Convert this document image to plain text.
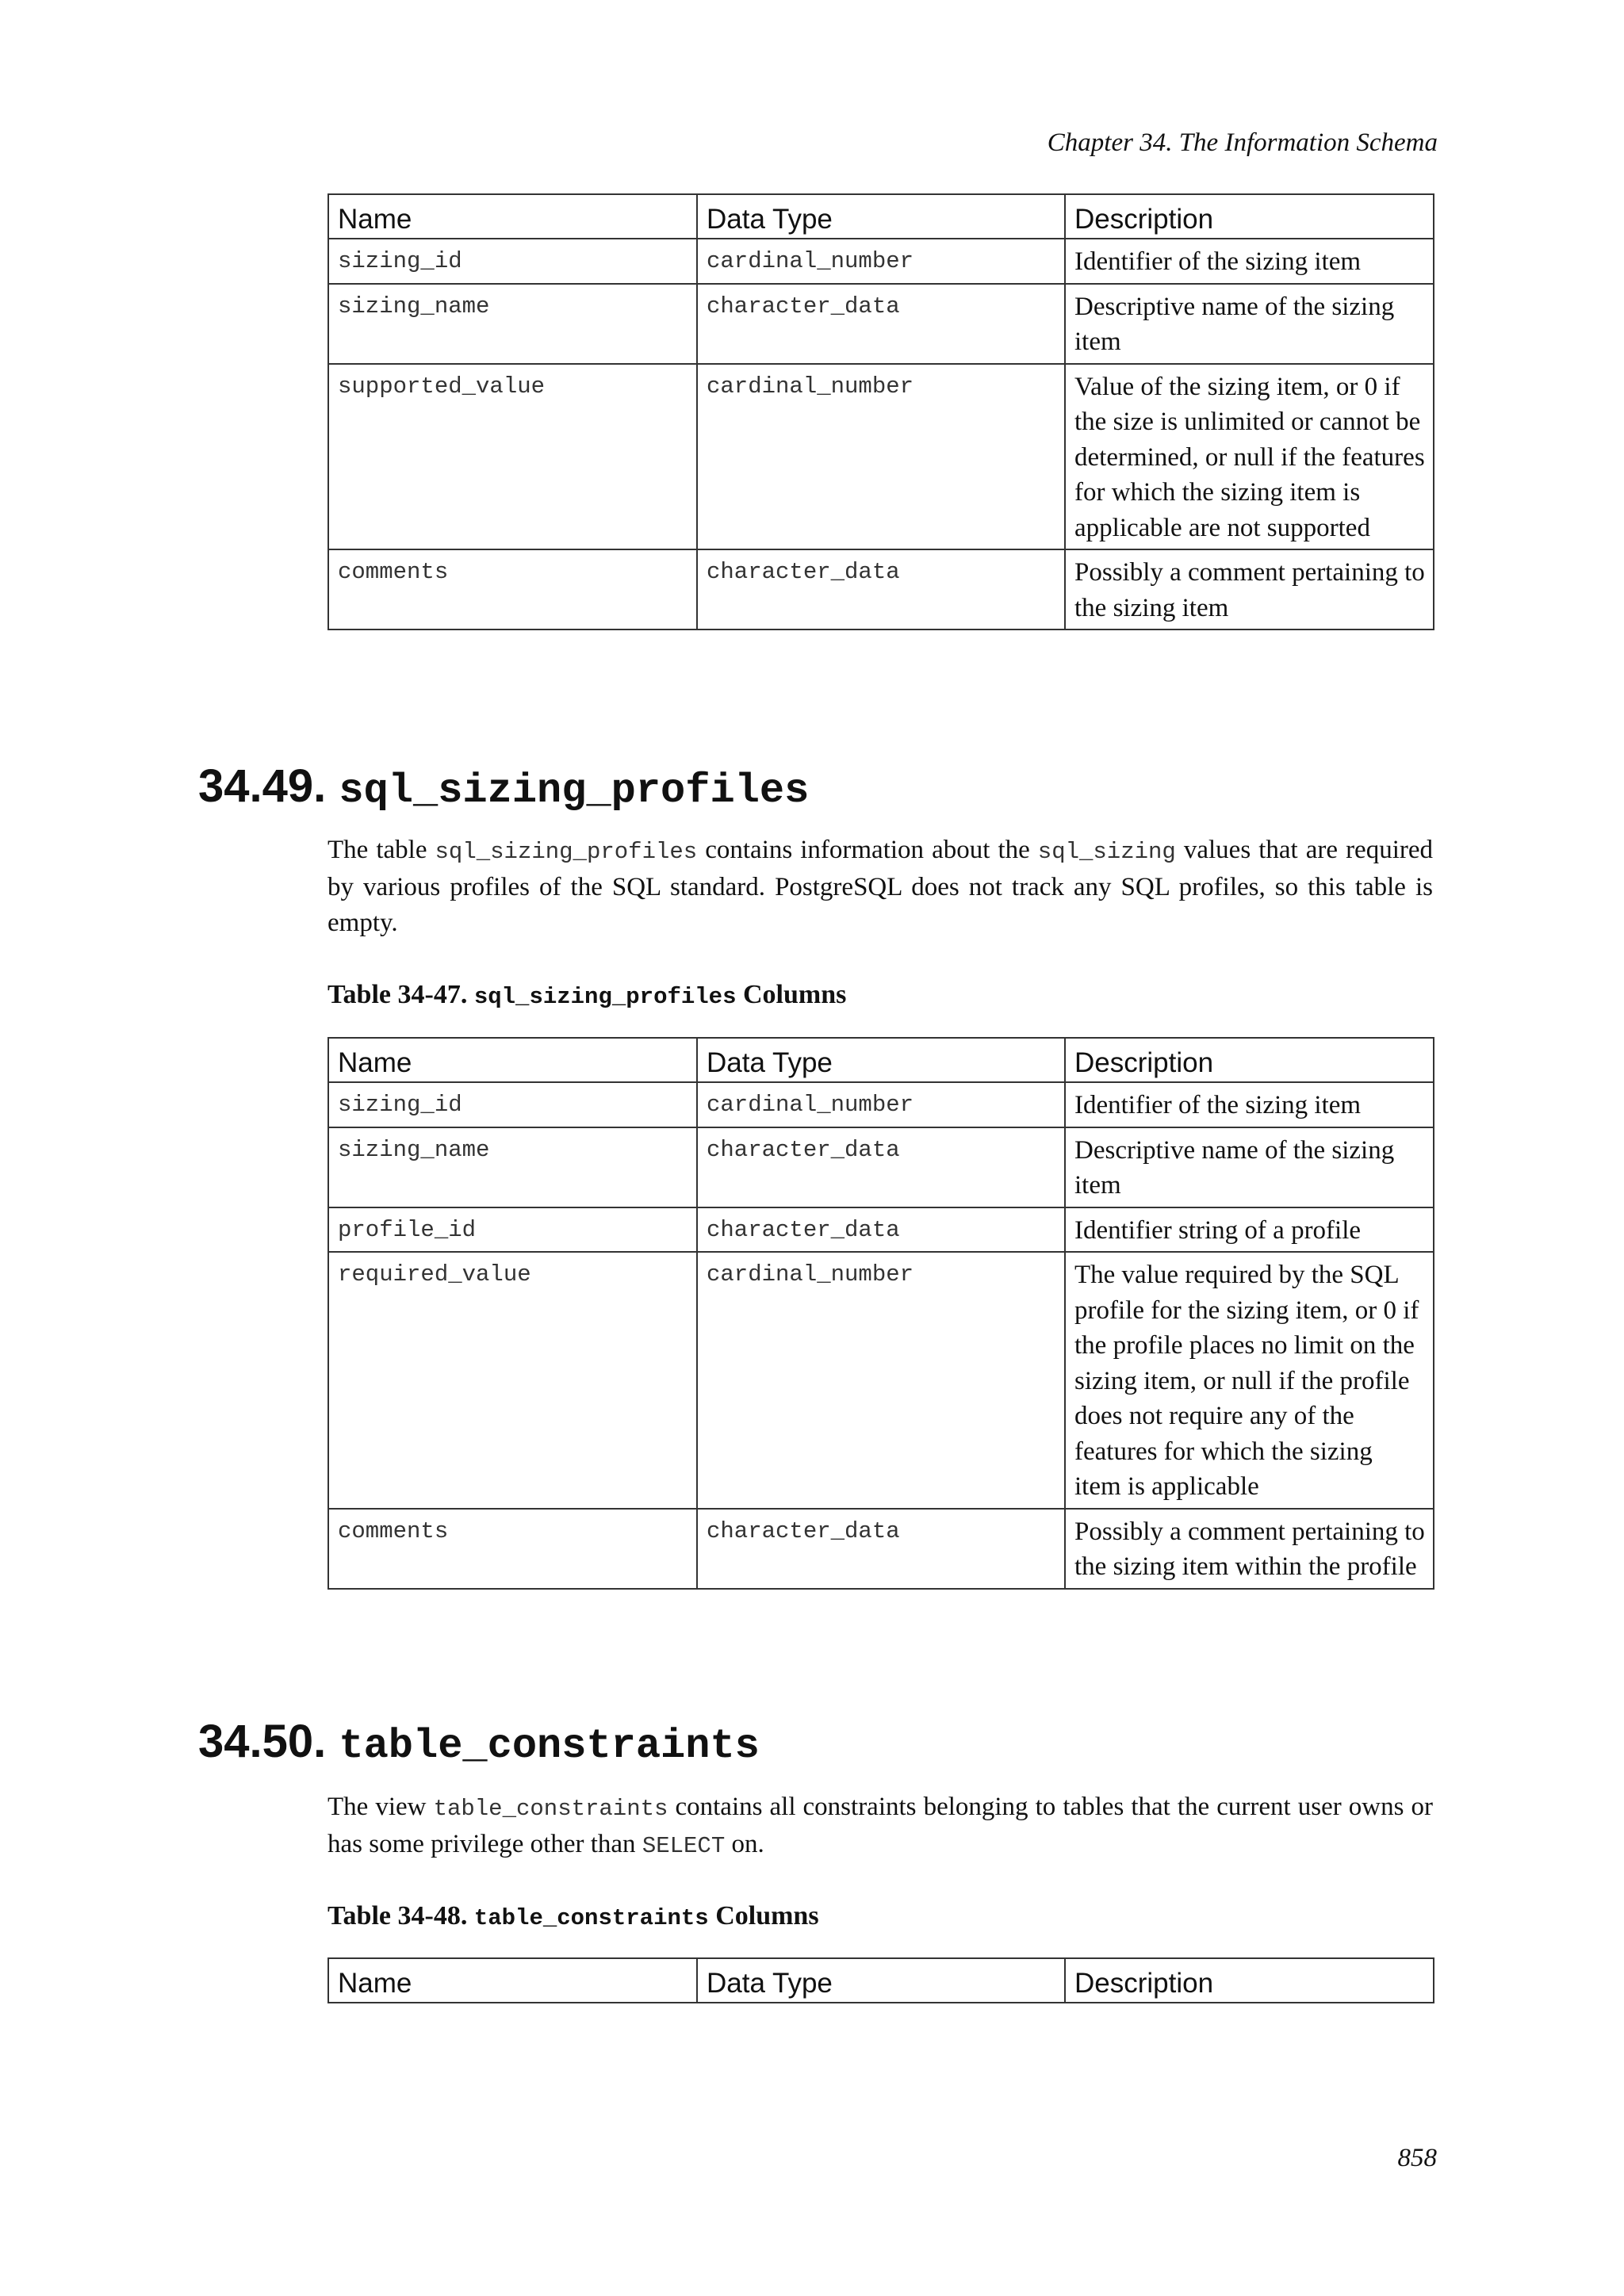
Chapter 34. The Information Schema
Name	Data Type	Description
sizing_id	cardinal_number	Identifier of the sizing item
sizing_name	character_data	Descriptive name of the sizing item
supported_value	cardinal_number	Value of the sizing item, or 0 if the size is unlimited or cannot be determined, or null if the features for which the sizing item is applicable are not supported
comments	character_data	Possibly a comment pertaining to the sizing item
34.49. sql_sizing_profiles

The table sql_sizing_profiles contains information about the sql_sizing values that are required by various profiles of the SQL standard. PostgreSQL does not track any SQL profiles, so this table is empty.

Table 34-47. sql_sizing_profiles Columns
Name	Data Type	Description
sizing_id	cardinal_number	Identifier of the sizing item
sizing_name	character_data	Descriptive name of the sizing item
profile_id	character_data	Identifier string of a profile
required_value	cardinal_number	The value required by the SQL profile for the sizing item, or 0 if the profile places no limit on the sizing item, or null if the profile does not require any of the features for which the sizing item is applicable
comments	character_data	Possibly a comment pertaining to the sizing item within the profile
34.50. table_constraints

The view table_constraints contains all constraints belonging to tables that the current user owns or has some privilege other than SELECT on.

Table 34-48. table_constraints Columns
Name	Data Type	Description
858
